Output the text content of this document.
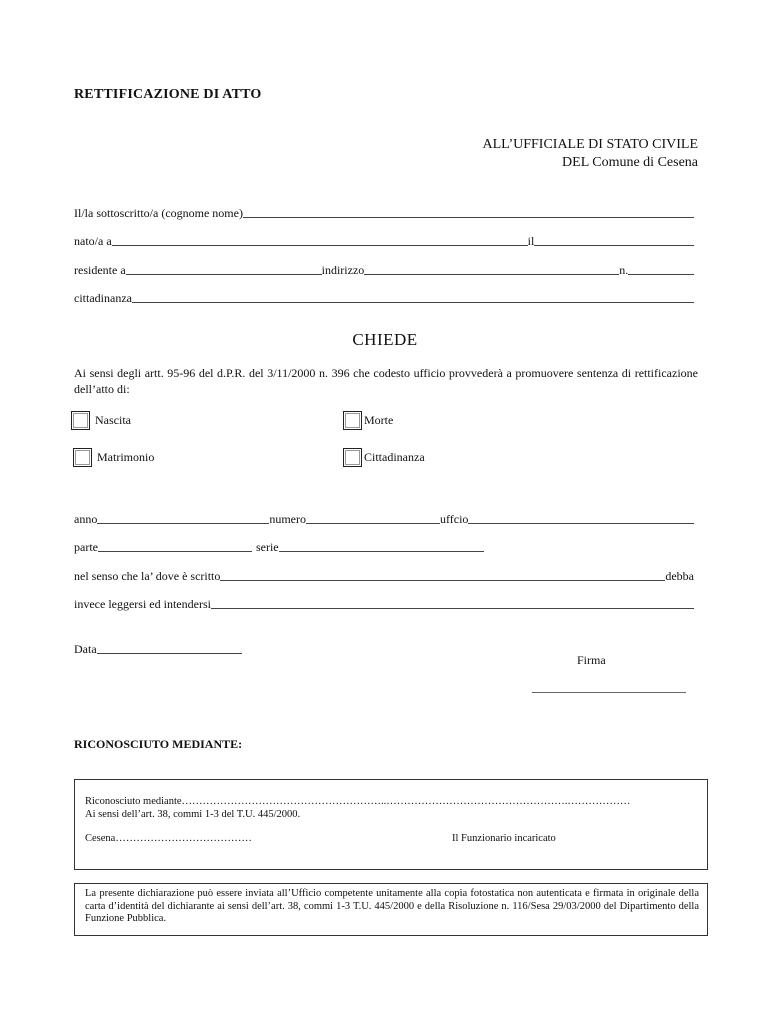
RETTIFICAZIONE DI ATTO
ALL’UFFICIALE DI STATO CIVILE
DEL Comune di Cesena
Il/la sottoscritto/a (cognome nome)
nato/a a	il
residente a	indirizzo	n.
cittadinanza
CHIEDE
Ai sensi degli artt. 95-96 del d.P.R. del 3/11/2000 n. 396 che codesto ufficio provvederà a promuovere sentenza di rettificazione dell’atto di:
Nascita	Morte
Matrimonio	Cittadinanza
anno	numero	uffcio
parte	serie
nel senso che la’ dove è scritto	debba
invece leggersi ed intendersi
Data
Firma
RICONOSCIUTO MEDIANTE:
Riconosciuto mediante…………………………………………………..…………………………………………….………………
Ai sensi dell’art. 38, commi 1-3 del T.U. 445/2000.
Cesena…………………………………	Il Funzionario incaricato
La presente dichiarazione può essere inviata all’Ufficio competente unitamente alla copia fotostatica non autenticata e firmata in originale della carta d’identità del dichiarante ai sensi dell’art. 38, commi 1-3 T.U. 445/2000 e della Risoluzione n. 116/Sesa 29/03/2000 del Dipartimento della Funzione Pubblica.
